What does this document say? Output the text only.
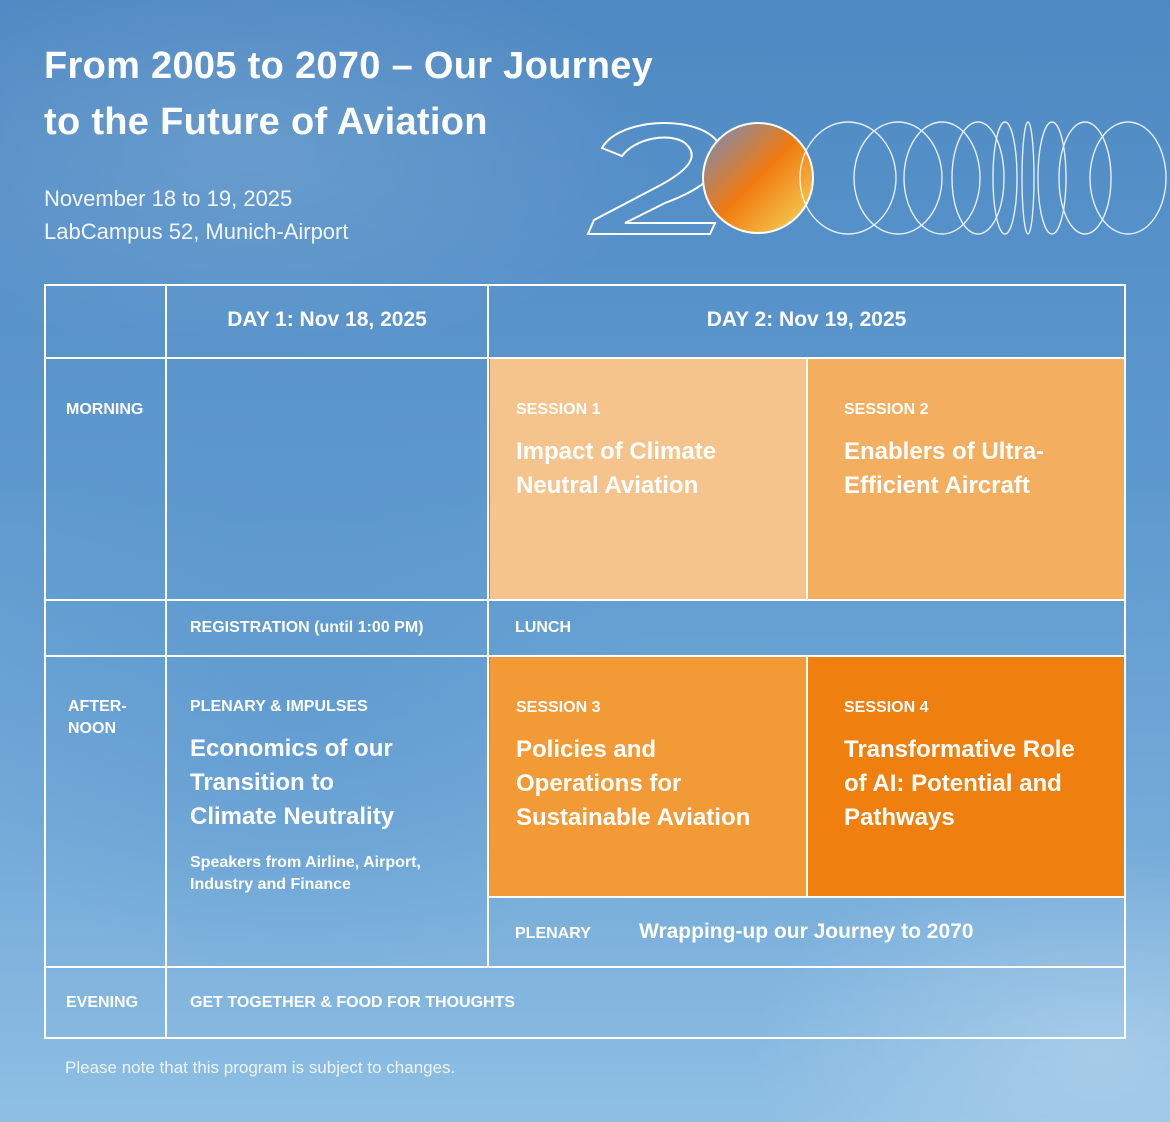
From 2005 to 2070 – Our Journey
to the Future of Aviation
November 18 to 19, 2025
LabCampus 52, Munich-Airport
SESSION 1
Impact of Climate
Neutral Aviation
SESSION 2
Enablers of Ultra-
Efficient Aircraft
SESSION 3
Policies and
Operations for
Sustainable Aviation
SESSION 4
Transformative Role
of AI: Potential and
Pathways
DAY 1: Nov 18, 2025	DAY 2: Nov 19, 2025
MORNING
AFTER-
NOON
EVENING
REGISTRATION (until 1:00 PM)	LUNCH
PLENARY & IMPULSES
Economics of our
Transition to
Climate Neutrality
Speakers from Airline, Airport,
Industry and Finance
PLENARY Wrapping-up our Journey to 2070
GET TOGETHER & FOOD FOR THOUGHTS
Please note that this program is subject to changes.
